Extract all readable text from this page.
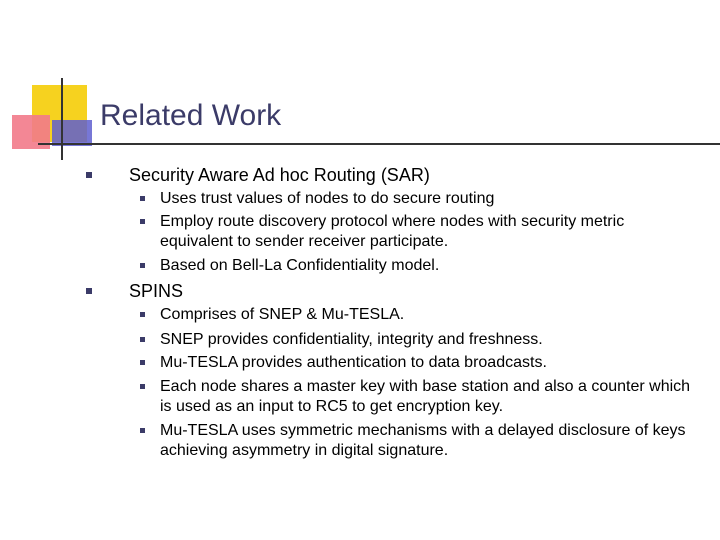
Related Work
Security Aware Ad hoc Routing (SAR)
Uses trust values of nodes to do secure routing
Employ route discovery protocol where nodes with security metric equivalent to sender receiver participate.
Based on Bell-La Confidentiality model.
SPINS
Comprises of SNEP & Mu-TESLA.
SNEP provides confidentiality, integrity and freshness.
Mu-TESLA provides authentication to data broadcasts.
Each node shares a master key with base station and also a counter which is used as an input to RC5 to get encryption key.
Mu-TESLA uses symmetric mechanisms with a delayed disclosure of keys achieving asymmetry in digital signature.
